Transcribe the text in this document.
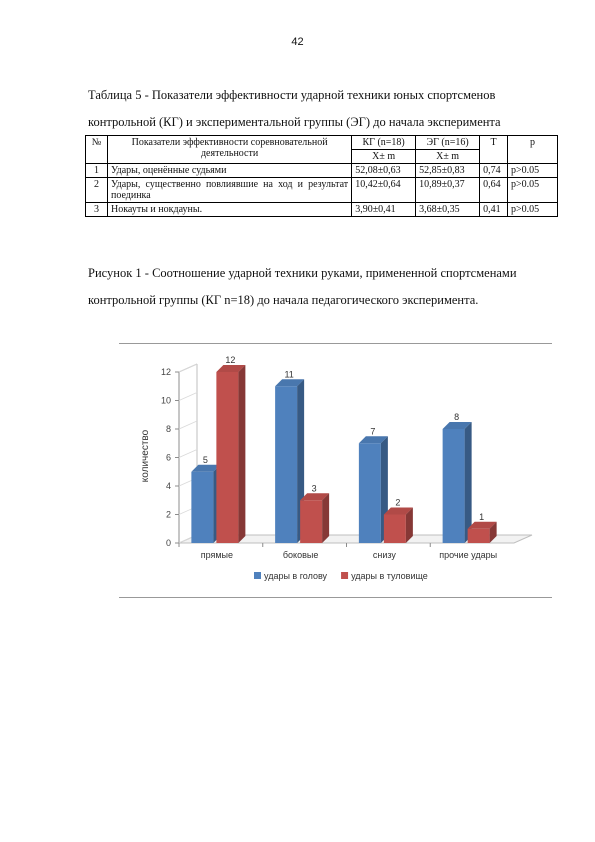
42
Таблица 5 - Показатели эффективности ударной техники юных спортсменов контрольной (КГ) и экспериментальной группы (ЭГ) до начала эксперимента
№	Показатели эффективности соревновательной деятельности	КГ (n=18)	ЭГ (n=16)	T	p
		X± m	X± m		
1	Удары, оценённые судьями	52,08±0,63	52,85±0,83	0,74	p>0.05
2	Удары, существенно повлиявшие на ход и результат поединка	10,42±0,64	10,89±0,37	0,64	p>0.05
3	Нокауты и нокдауны.	3,90±0,41	3,68±0,35	0,41	p>0.05
Рисунок 1 - Соотношение ударной техники руками, примененной спортсменами контрольной группы (КГ n=18) до начала педагогического эксперимента.
0
2
4
6
8
10
12
количество	5
12
прямые
11
3
боковые
7
2
снизу
8
1
прочие удары
удары в голову	удары в туловище
